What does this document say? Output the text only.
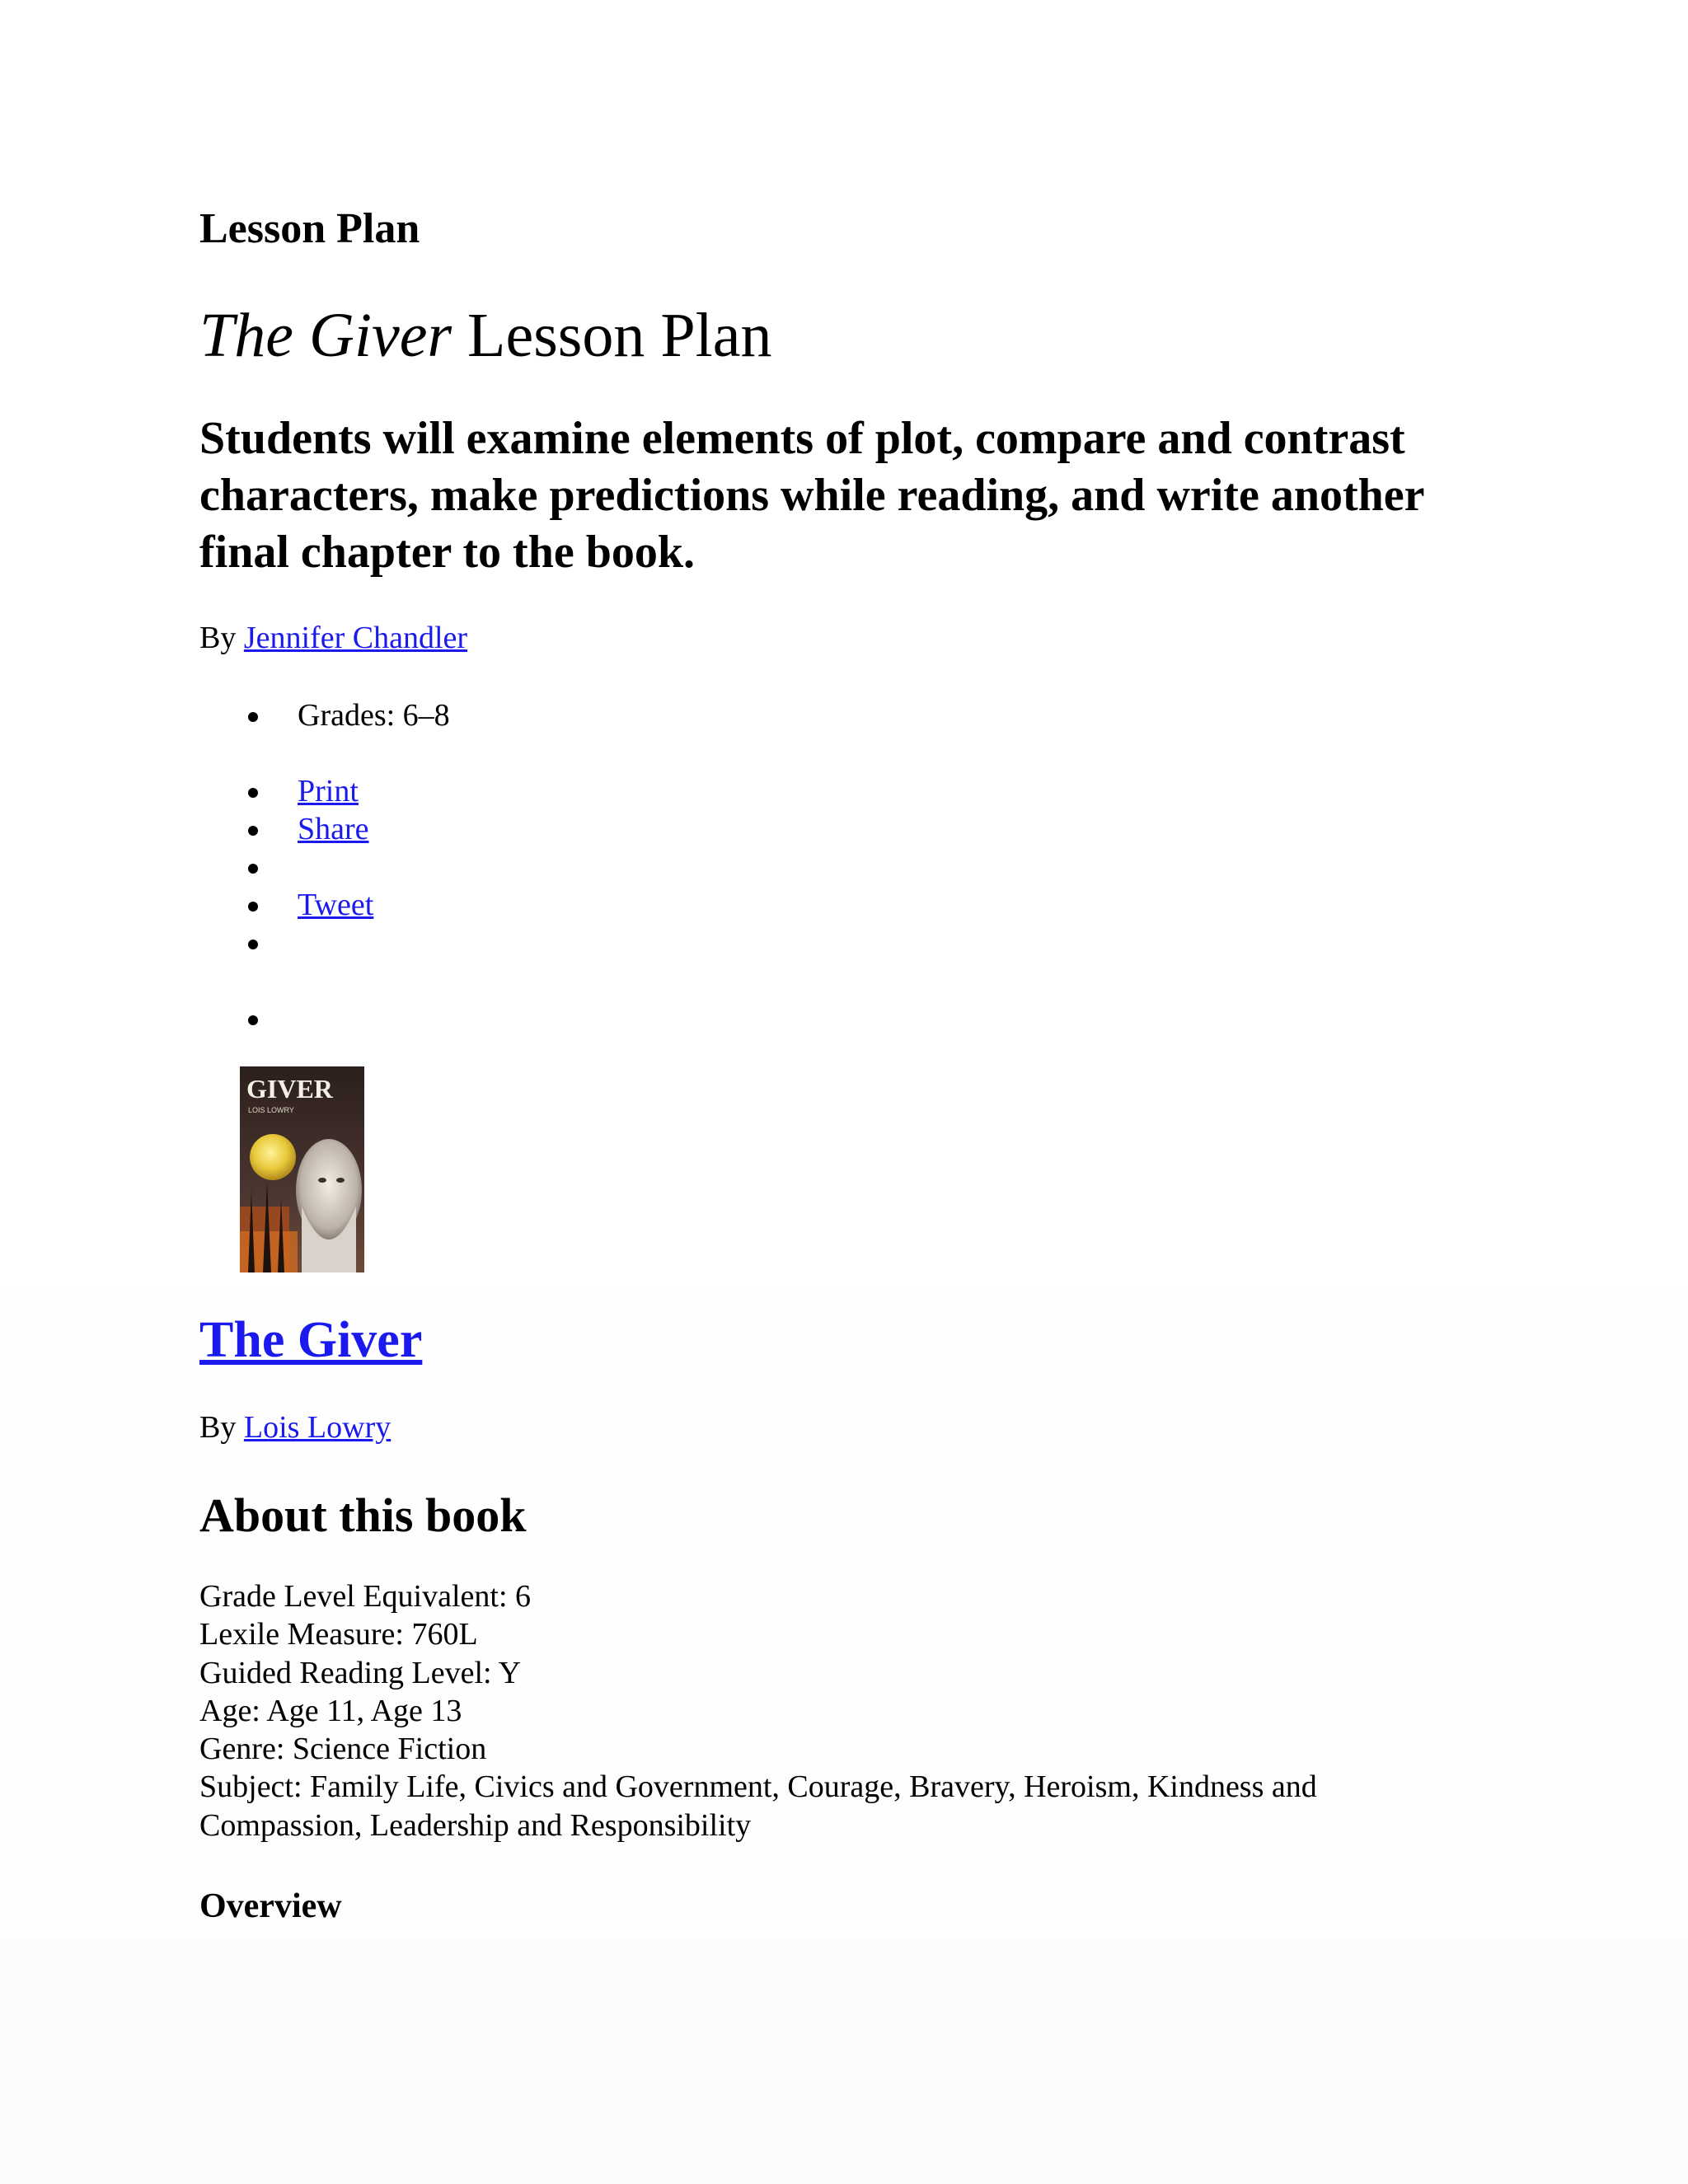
Lesson Plan
The Giver Lesson Plan
Students will examine elements of plot, compare and contrast characters, make predictions while reading, and write another final chapter to the book.
By Jennifer Chandler
Grades: 6–8
Print
Share
Tweet
GIVER
LOIS LOWRY
The Giver
By Lois Lowry
About this book
Grade Level Equivalent: 6
Lexile Measure: 760L
Guided Reading Level: Y
Age: Age 11, Age 13
Genre: Science Fiction
Subject: Family Life, Civics and Government, Courage, Bravery, Heroism, Kindness and Compassion, Leadership and Responsibility
Overview
